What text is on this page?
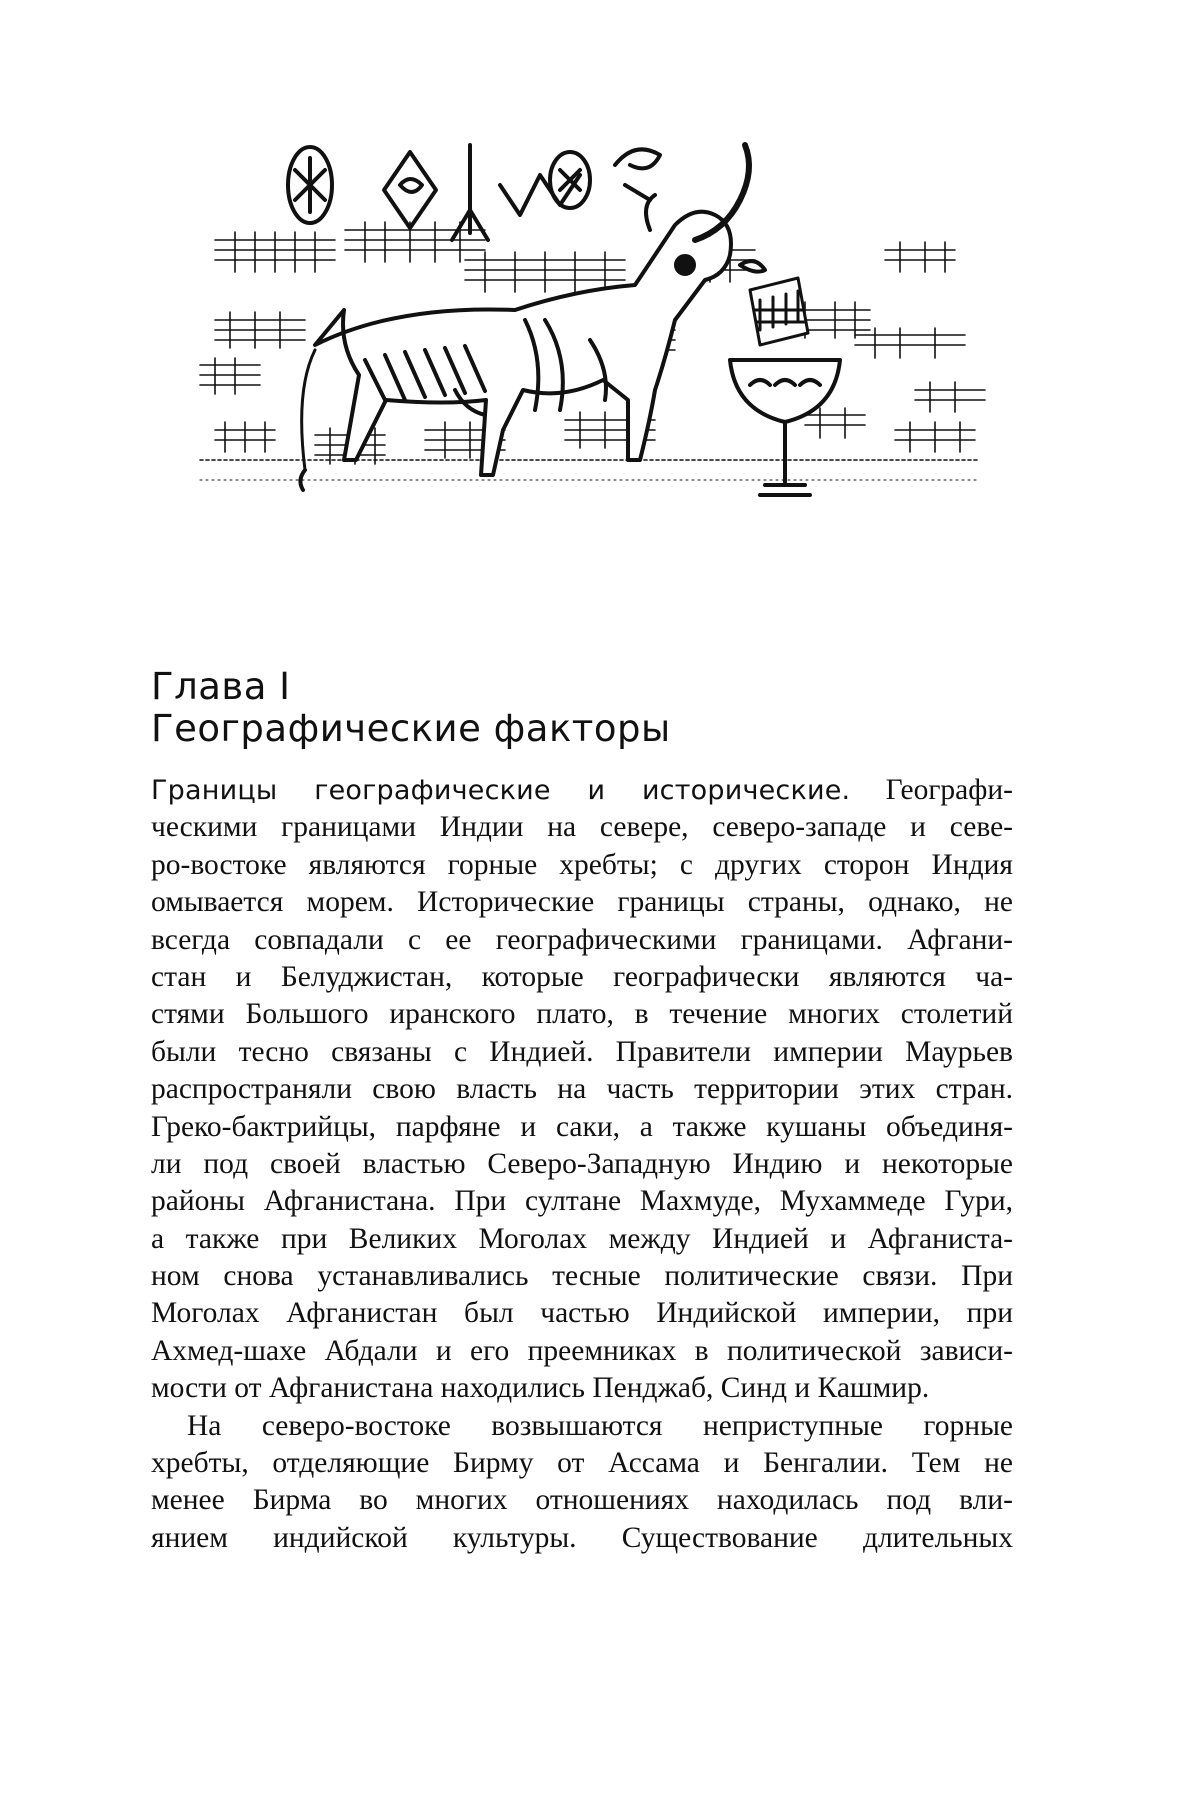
Глава I
Географические факторы
Границы географические и исторические. Географи-
ческими границами Индии на севере, северо-западе и севе-
ро-востоке являются горные хребты; с других сторон Индия
омывается морем. Исторические границы страны, однако, не
всегда совпадали с ее географическими границами. Афгани-
стан и Белуджистан, которые географически являются ча-
стями Большого иранского плато, в течение многих столетий
были тесно связаны с Индией. Правители империи Маурьев
распространяли свою власть на часть территории этих стран.
Греко-бактрийцы, парфяне и саки, а также кушаны объединя-
ли под своей властью Северо-Западную Индию и некоторые
районы Афганистана. При султане Махмуде, Мухаммеде Гури,
а также при Великих Моголах между Индией и Афганиста-
ном снова устанавливались тесные политические связи. При
Моголах Афганистан был частью Индийской империи, при
Ахмед-шахе Абдали и его преемниках в политической зависи-
мости от Афганистана находились Пенджаб, Синд и Кашмир.
На северо-востоке возвышаются неприступные горные
хребты, отделяющие Бирму от Ассама и Бенгалии. Тем не
менее Бирма во многих отношениях находилась под вли-
янием индийской культуры. Существование длительных
